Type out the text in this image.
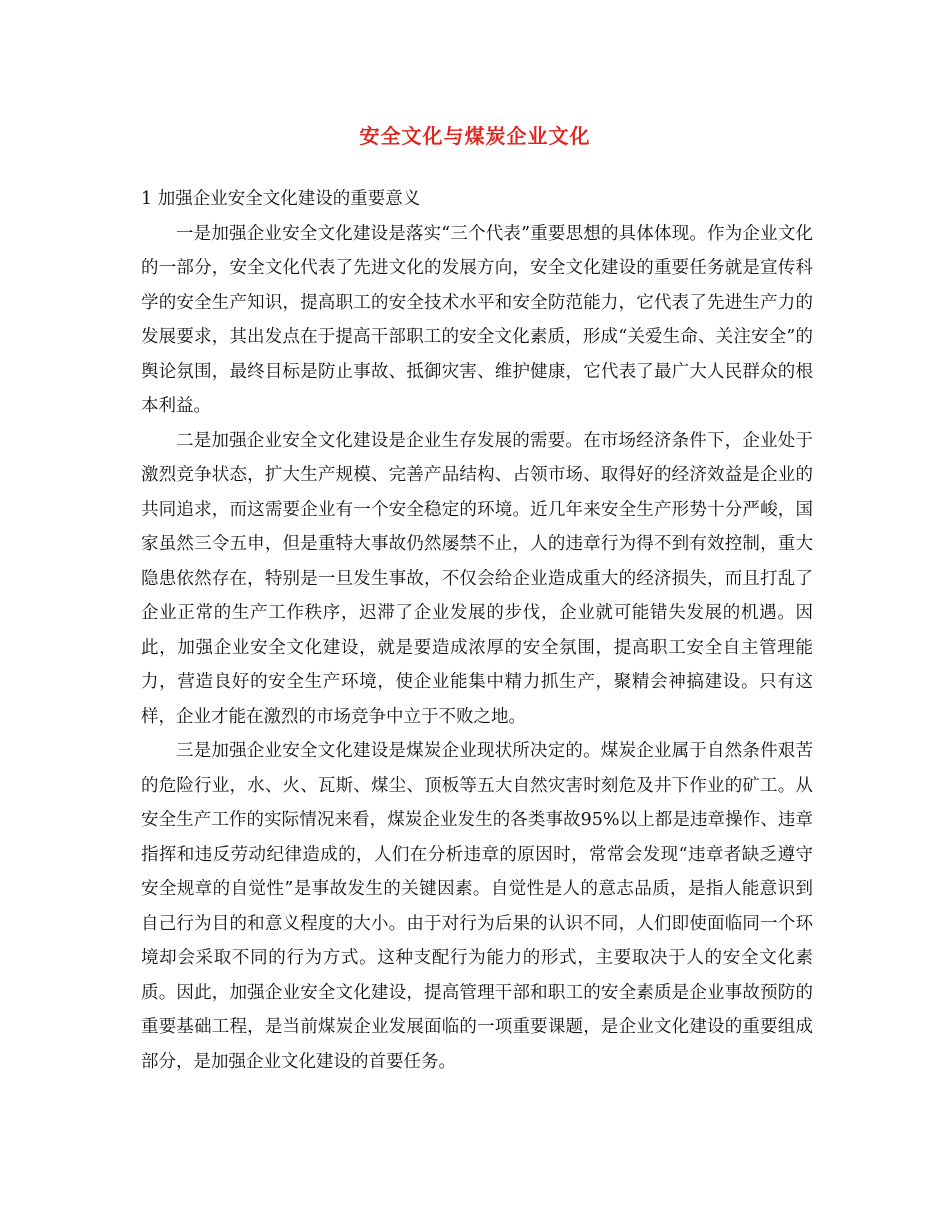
安全文化与煤炭企业文化

1 加强企业安全文化建设的重要意义

一是加强企业安全文化建设是落实“三个代表”重要思想的具体体现。作为企业文化的一部分，安全文化代表了先进文化的发展方向，安全文化建设的重要任务就是宣传科学的安全生产知识，提高职工的安全技术水平和安全防范能力，它代表了先进生产力的发展要求，其出发点在于提高干部职工的安全文化素质，形成“关爱生命、关注安全”的舆论氛围，最终目标是防止事故、抵御灾害、维护健康，它代表了最广大人民群众的根本利益。

二是加强企业安全文化建设是企业生存发展的需要。在市场经济条件下，企业处于激烈竞争状态，扩大生产规模、完善产品结构、占领市场、取得好的经济效益是企业的共同追求，而这需要企业有一个安全稳定的环境。近几年来安全生产形势十分严峻，国家虽然三令五申，但是重特大事故仍然屡禁不止，人的违章行为得不到有效控制，重大隐患依然存在，特别是一旦发生事故，不仅会给企业造成重大的经济损失，而且打乱了企业正常的生产工作秩序，迟滞了企业发展的步伐，企业就可能错失发展的机遇。因此，加强企业安全文化建设，就是要造成浓厚的安全氛围，提高职工安全自主管理能力，营造良好的安全生产环境，使企业能集中精力抓生产，聚精会神搞建设。只有这样，企业才能在激烈的市场竞争中立于不败之地。

三是加强企业安全文化建设是煤炭企业现状所决定的。煤炭企业属于自然条件艰苦的危险行业，水、火、瓦斯、煤尘、顶板等五大自然灾害时刻危及井下作业的矿工。从安全生产工作的实际情况来看，煤炭企业发生的各类事故95%以上都是违章操作、违章指挥和违反劳动纪律造成的，人们在分析违章的原因时，常常会发现“违章者缺乏遵守安全规章的自觉性”是事故发生的关键因素。自觉性是人的意志品质，是指人能意识到自己行为目的和意义程度的大小。由于对行为后果的认识不同，人们即使面临同一个环境却会采取不同的行为方式。这种支配行为能力的形式，主要取决于人的安全文化素质。因此，加强企业安全文化建设，提高管理干部和职工的安全素质是企业事故预防的重要基础工程，是当前煤炭企业发展面临的一项重要课题，是企业文化建设的重要组成部分，是加强企业文化建设的首要任务。
